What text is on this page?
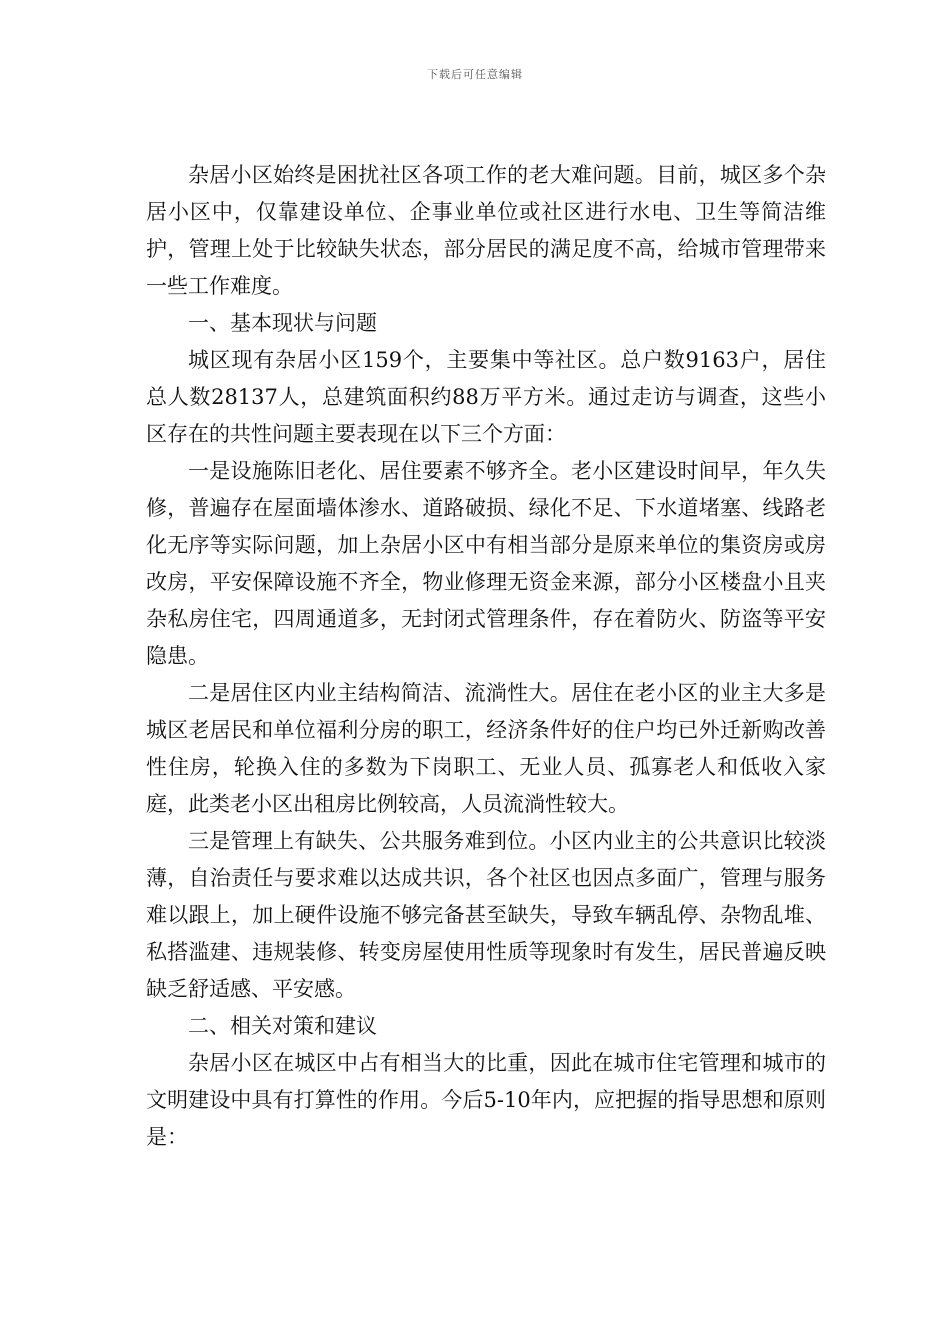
下载后可任意编辑

杂居小区始终是困扰社区各项工作的老大难问题。目前，城区多个杂居小区中，仅靠建设单位、企事业单位或社区进行水电、卫生等简洁维护，管理上处于比较缺失状态，部分居民的满足度不高，给城市管理带来一些工作难度。

一、基本现状与问题

城区现有杂居小区159个，主要集中等社区。总户数9163户，居住总人数28137人，总建筑面积约88万平方米。通过走访与调查，这些小区存在的共性问题主要表现在以下三个方面：

一是设施陈旧老化、居住要素不够齐全。老小区建设时间早，年久失修，普遍存在屋面墙体渗水、道路破损、绿化不足、下水道堵塞、线路老化无序等实际问题，加上杂居小区中有相当部分是原来单位的集资房或房改房，平安保障设施不齐全，物业修理无资金来源，部分小区楼盘小且夹杂私房住宅，四周通道多，无封闭式管理条件，存在着防火、防盗等平安隐患。

二是居住区内业主结构简洁、流淌性大。居住在老小区的业主大多是城区老居民和单位福利分房的职工，经济条件好的住户均已外迁新购改善性住房，轮换入住的多数为下岗职工、无业人员、孤寡老人和低收入家庭，此类老小区出租房比例较高，人员流淌性较大。

三是管理上有缺失、公共服务难到位。小区内业主的公共意识比较淡薄，自治责任与要求难以达成共识，各个社区也因点多面广，管理与服务难以跟上，加上硬件设施不够完备甚至缺失，导致车辆乱停、杂物乱堆、私搭滥建、违规装修、转变房屋使用性质等现象时有发生，居民普遍反映缺乏舒适感、平安感。

二、相关对策和建议

杂居小区在城区中占有相当大的比重，因此在城市住宅管理和城市的文明建设中具有打算性的作用。今后5-10年内，应把握的指导思想和原则是：
